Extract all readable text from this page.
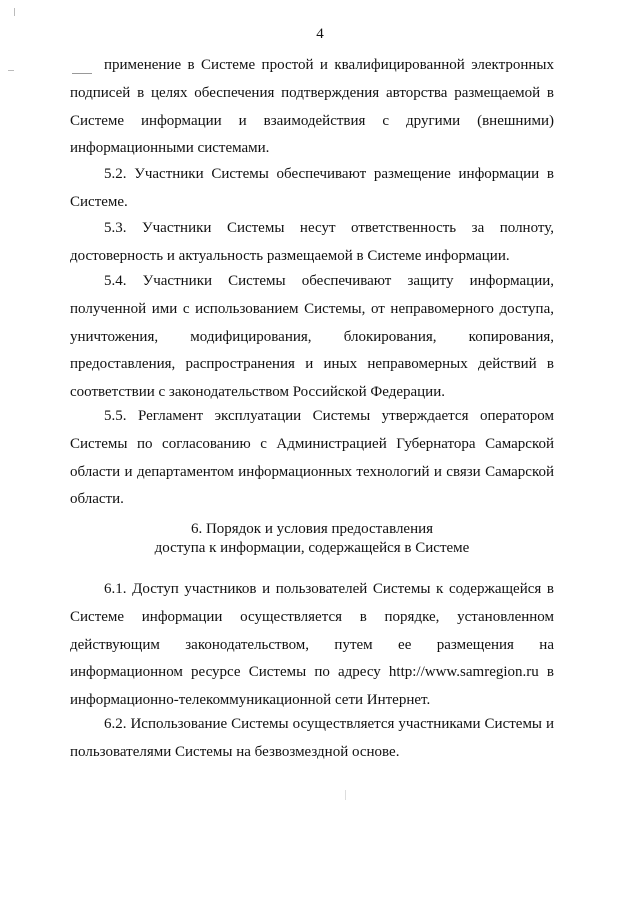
4

применение в Системе простой и квалифицированной электронных подписей в целях обеспечения подтверждения авторства размещаемой в Системе информации и взаимодействия с другими (внешними) информационными системами.

5.2. Участники Системы обеспечивают размещение информации в Системе.

5.3. Участники Системы несут ответственность за полноту, достоверность и актуальность размещаемой в Системе информации.

5.4. Участники Системы обеспечивают защиту информации, полученной ими с использованием Системы, от неправомерного доступа, уничтожения, модифицирования, блокирования, копирования, предоставления, распространения и иных неправомерных действий в соответствии с законодательством Российской Федерации.

5.5. Регламент эксплуатации Системы утверждается оператором Системы по согласованию с Администрацией Губернатора Самарской области и департаментом информационных технологий и связи Самарской области.

6. Порядок и условия предоставления
доступа к информации, содержащейся в Системе

6.1. Доступ участников и пользователей Системы к содержащейся в Системе информации осуществляется в порядке, установленном действующим законодательством, путем ее размещения на информационном ресурсе Системы по адресу http://www.samregion.ru в информационно-телекоммуникационной сети Интернет.

6.2. Использование Системы осуществляется участниками Системы и пользователями Системы на безвозмездной основе.
